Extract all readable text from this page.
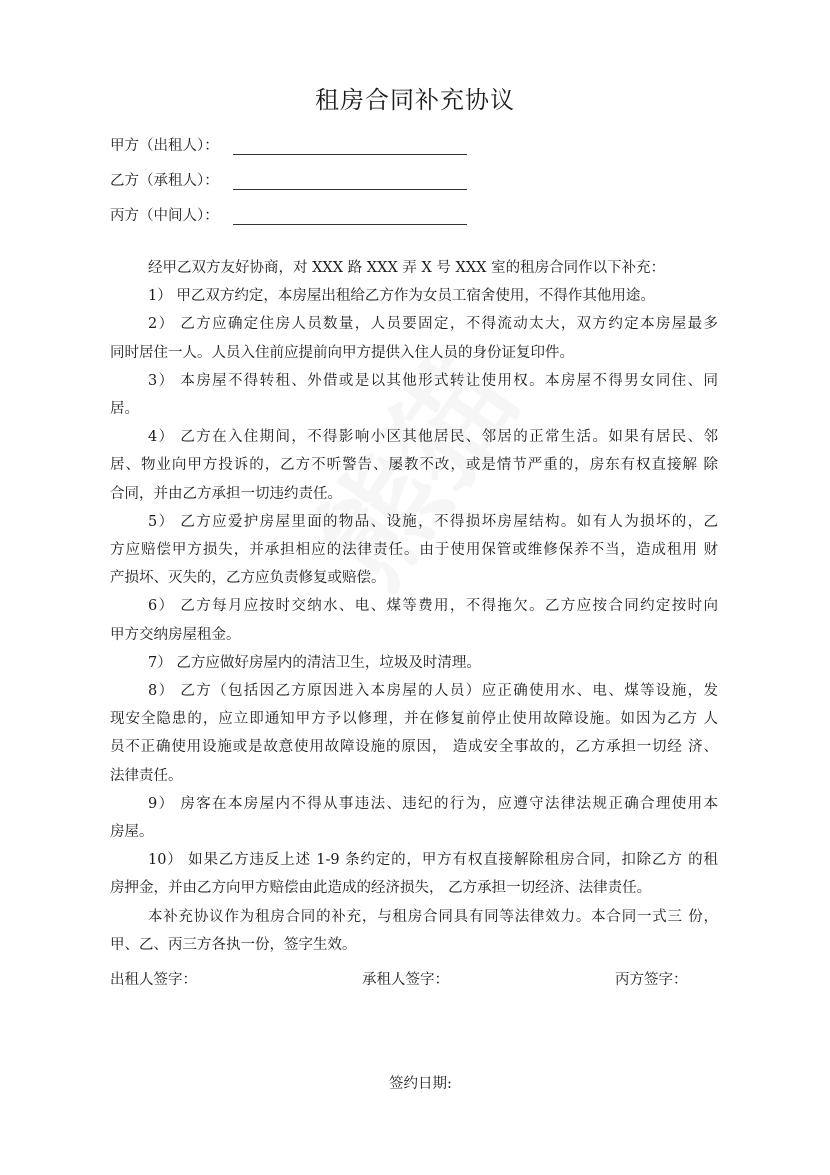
租房合同补充协议
甲方（出租人）：
乙方（承租人）：
丙方（中间人）：
经甲乙双方友好协商，对 XXX 路 XXX 弄 X 号 XXX 室的租房合同作以下补充：
1） 甲乙双方约定，本房屋出租给乙方作为女员工宿舍使用，不得作其他用途。
2） 乙方应确定住房人员数量，人员要固定，不得流动太大，双方约定本房屋最多
同时居住一人。人员入住前应提前向甲方提供入住人员的身份证复印件。
3） 本房屋不得转租、外借或是以其他形式转让使用权。本房屋不得男女同住、同
居。
4） 乙方在入住期间，不得影响小区其他居民、邻居的正常生活。如果有居民、邻
居、物业向甲方投诉的，乙方不听警告、屡教不改，或是情节严重的，房东有权直接解 除
合同，并由乙方承担一切违约责任。
5） 乙方应爱护房屋里面的物品、设施，不得损坏房屋结构。如有人为损坏的，乙
方应赔偿甲方损失，并承担相应的法律责任。由于使用保管或维修保养不当，造成租用 财
产损坏、灭失的，乙方应负责修复或赔偿。
6） 乙方每月应按时交纳水、电、煤等费用，不得拖欠。乙方应按合同约定按时向
甲方交纳房屋租金。
7） 乙方应做好房屋内的清洁卫生，垃圾及时清理。
8） 乙方（包括因乙方原因进入本房屋的人员）应正确使用水、电、煤等设施，发
现安全隐患的，应立即通知甲方予以修理，并在修复前停止使用故障设施。如因为乙方 人
员不正确使用设施或是故意使用故障设施的原因， 造成安全事故的，乙方承担一切经 济、
法律责任。
9） 房客在本房屋内不得从事违法、违纪的行为，应遵守法律法规正确合理使用本
房屋。
10） 如果乙方违反上述 1-9 条约定的，甲方有权直接解除租房合同，扣除乙方 的租
房押金，并由乙方向甲方赔偿由此造成的经济损失， 乙方承担一切经济、法律责任。
本补充协议作为租房合同的补充，与租房合同具有同等法律效力。本合同一式三 份，
甲、乙、丙三方各执一份，签字生效。
出租人签字：	承租人签字：	丙方签字：
签约日期:
